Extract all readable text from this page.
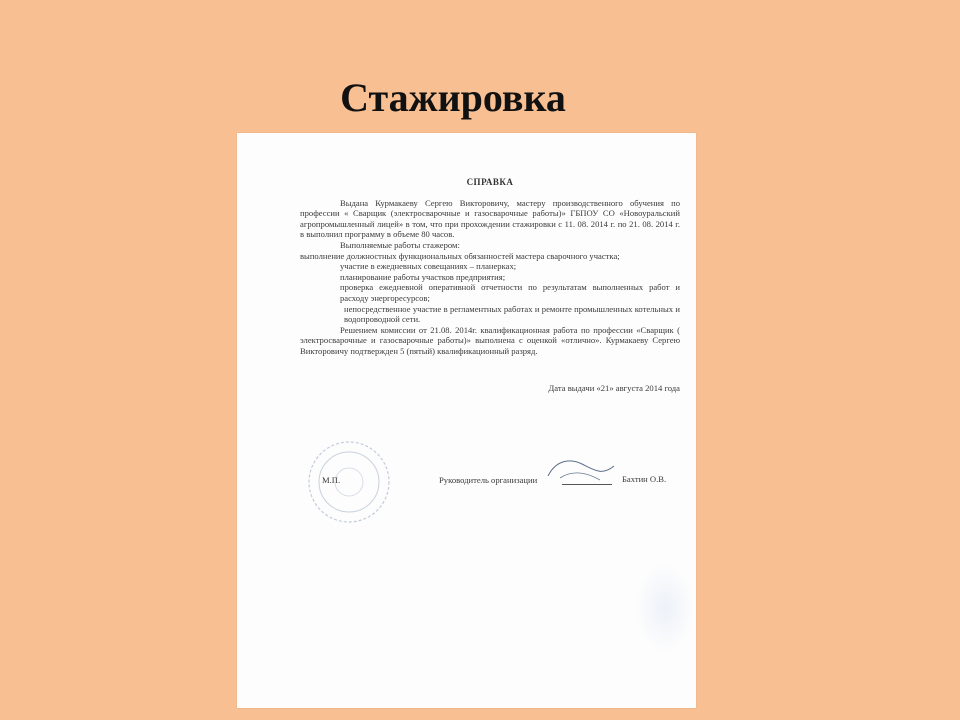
Стажировка
СПРАВКА

Выдана Курмакаеву Сергею Викторовичу, мастеру производственного обучения по профессии « Сварщик (электросварочные и газосварочные работы)» ГБПОУ СО «Новоуральский агропромышленный лицей» в том, что при прохождении стажировки с 11. 08. 2014 г. по 21. 08. 2014 г. в выполнил программу в объеме 80 часов.

Выполняемые работы стажером:

выполнение должностных функциональных обязанностей мастера сварочного участка;

участие в ежедневных совещаниях – планерках;

планирование работы участков предприятия;

проверка ежедневной оперативной отчетности по результатам выполненных работ и расходу энергоресурсов;

непосредственное участие в регламентных работах и ремонте промышленных котельных и водопроводной сети.

Решением комиссии от 21.08. 2014г. квалификационная работа по профессии «Сварщик ( электросварочные и газосварочные работы)» выполнена с оценкой «отлично». Курмакаеву Сергею Викторовичу подтвержден 5 (пятый) квалификационный разряд.

Дата выдачи «21» августа 2014 года
М.П.	Руководитель организации	Бахтин О.В.
